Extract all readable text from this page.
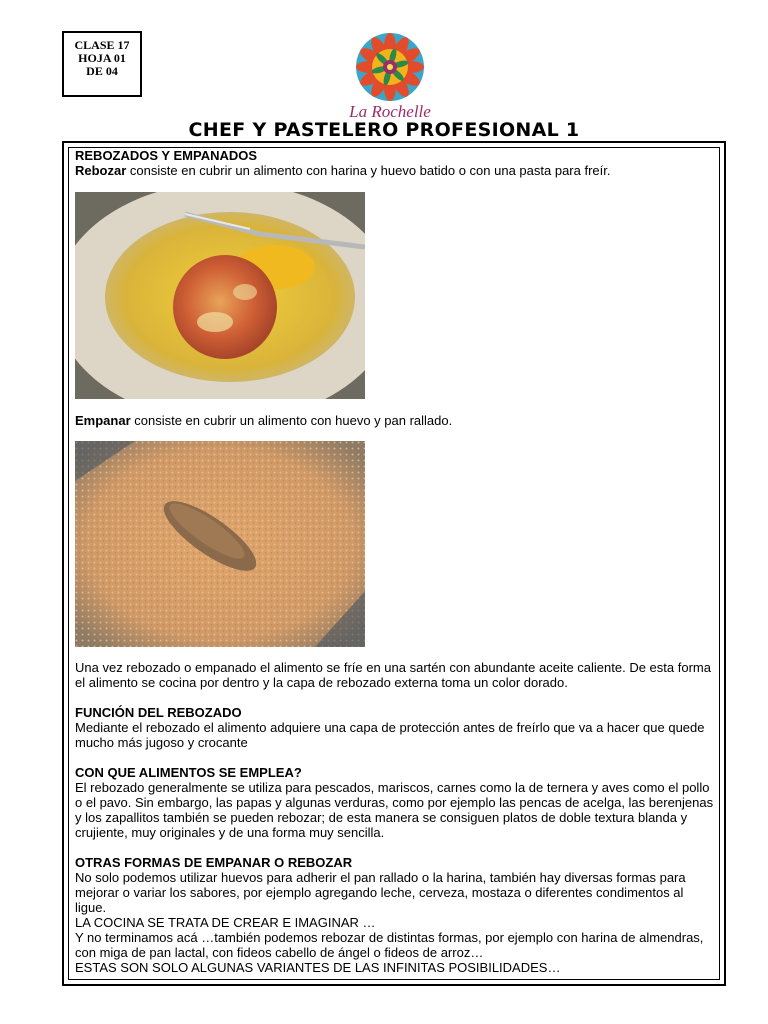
CLASE 17
HOJA 01
DE 04
La Rochelle
CHEF Y PASTELERO PROFESIONAL 1

REBOZADOS Y EMPANADOS

Rebozar consiste en cubrir un alimento con harina y huevo batido o con una pasta para freír.

Empanar consiste en cubrir un alimento con huevo y pan rallado.

Una vez rebozado o empanado el alimento se fríe en una sartén con abundante aceite caliente. De esta forma el alimento se cocina por dentro y la capa de rebozado externa toma un color dorado.

FUNCIÓN DEL REBOZADO

Mediante el rebozado el alimento adquiere una capa de protección antes de freírlo que va a hacer que quede mucho más jugoso y crocante

CON QUE ALIMENTOS SE EMPLEA?

El rebozado generalmente se utiliza para pescados, mariscos, carnes como la de ternera y aves como el pollo o el pavo. Sin embargo, las papas y algunas verduras, como por ejemplo las pencas de acelga, las berenjenas y los zapallitos también se pueden rebozar; de esta manera se consiguen platos de doble textura blanda y crujiente, muy originales y de una forma muy sencilla.

OTRAS FORMAS DE EMPANAR O REBOZAR

No solo podemos utilizar huevos para adherir el pan rallado o la harina, también hay diversas formas para mejorar o variar los sabores, por ejemplo agregando leche, cerveza, mostaza o diferentes condimentos al ligue.

LA COCINA SE TRATA DE CREAR E IMAGINAR …

Y no terminamos acá …también podemos rebozar de distintas formas, por ejemplo con harina de almendras, con miga de pan lactal, con fideos cabello de ángel o fideos de arroz…

ESTAS SON SOLO ALGUNAS VARIANTES DE LAS INFINITAS POSIBILIDADES…
